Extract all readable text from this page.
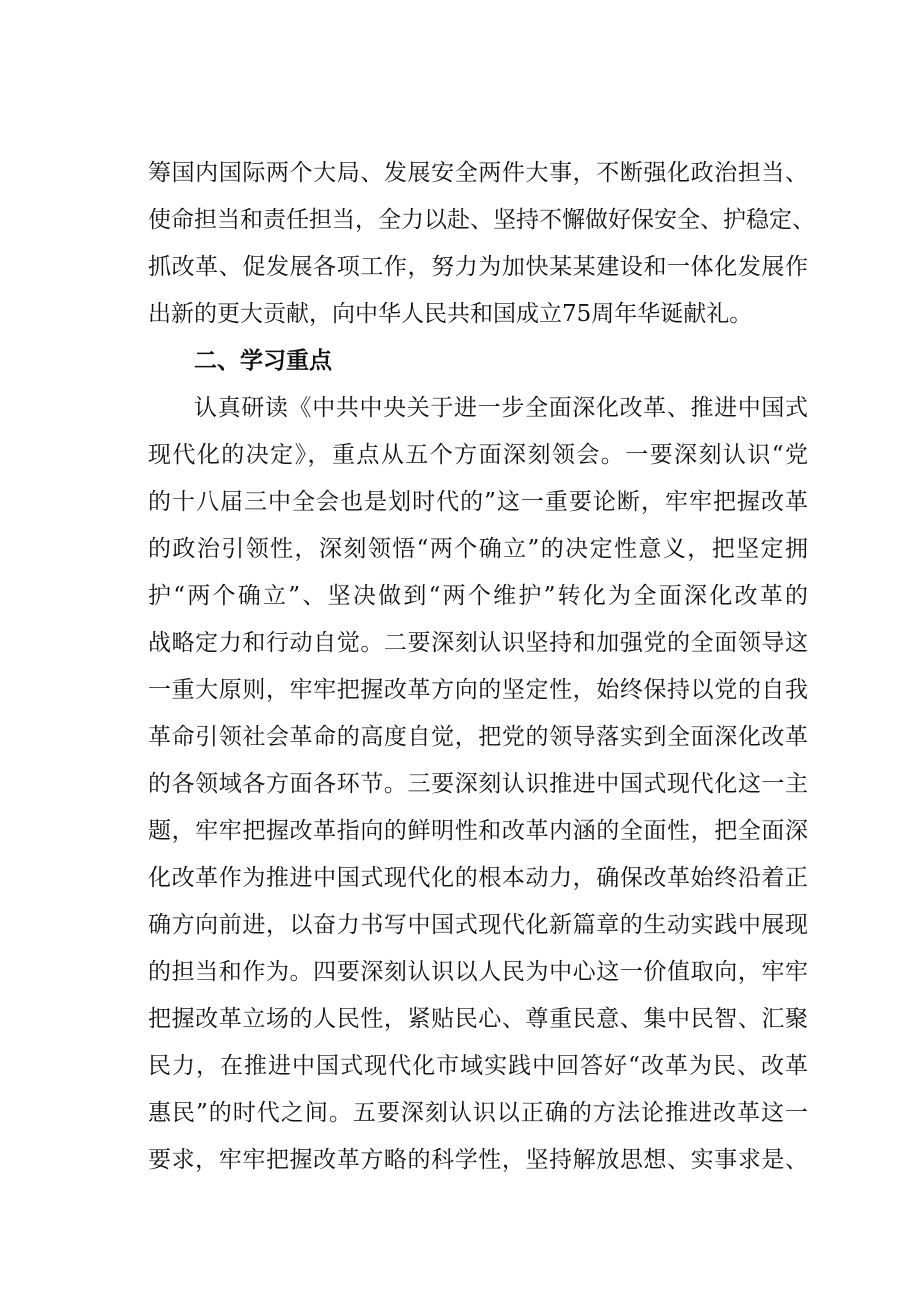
筹国内国际两个大局、发展安全两件大事，不断强化政治担当、
使命担当和责任担当，全力以赴、坚持不懈做好保安全、护稳定、
抓改革、促发展各项工作，努力为加快某某建设和一体化发展作
出新的更大贡献，向中华人民共和国成立75周年华诞献礼。
二、学习重点
认真研读《中共中央关于进一步全面深化改革、推进中国式
现代化的决定》，重点从五个方面深刻领会。一要深刻认识“党
的十八届三中全会也是划时代的”这一重要论断，牢牢把握改革
的政治引领性，深刻领悟“两个确立”的决定性意义，把坚定拥
护“两个确立”、坚决做到“两个维护”转化为全面深化改革的
战略定力和行动自觉。二要深刻认识坚持和加强党的全面领导这
一重大原则，牢牢把握改革方向的坚定性，始终保持以党的自我
革命引领社会革命的高度自觉，把党的领导落实到全面深化改革
的各领域各方面各环节。三要深刻认识推进中国式现代化这一主
题，牢牢把握改革指向的鲜明性和改革内涵的全面性，把全面深
化改革作为推进中国式现代化的根本动力，确保改革始终沿着正
确方向前进，以奋力书写中国式现代化新篇章的生动实践中展现
的担当和作为。四要深刻认识以人民为中心这一价值取向，牢牢
把握改革立场的人民性，紧贴民心、尊重民意、集中民智、汇聚
民力，在推进中国式现代化市域实践中回答好“改革为民、改革
惠民”的时代之间。五要深刻认识以正确的方法论推进改革这一
要求，牢牢把握改革方略的科学性，坚持解放思想、实事求是、
